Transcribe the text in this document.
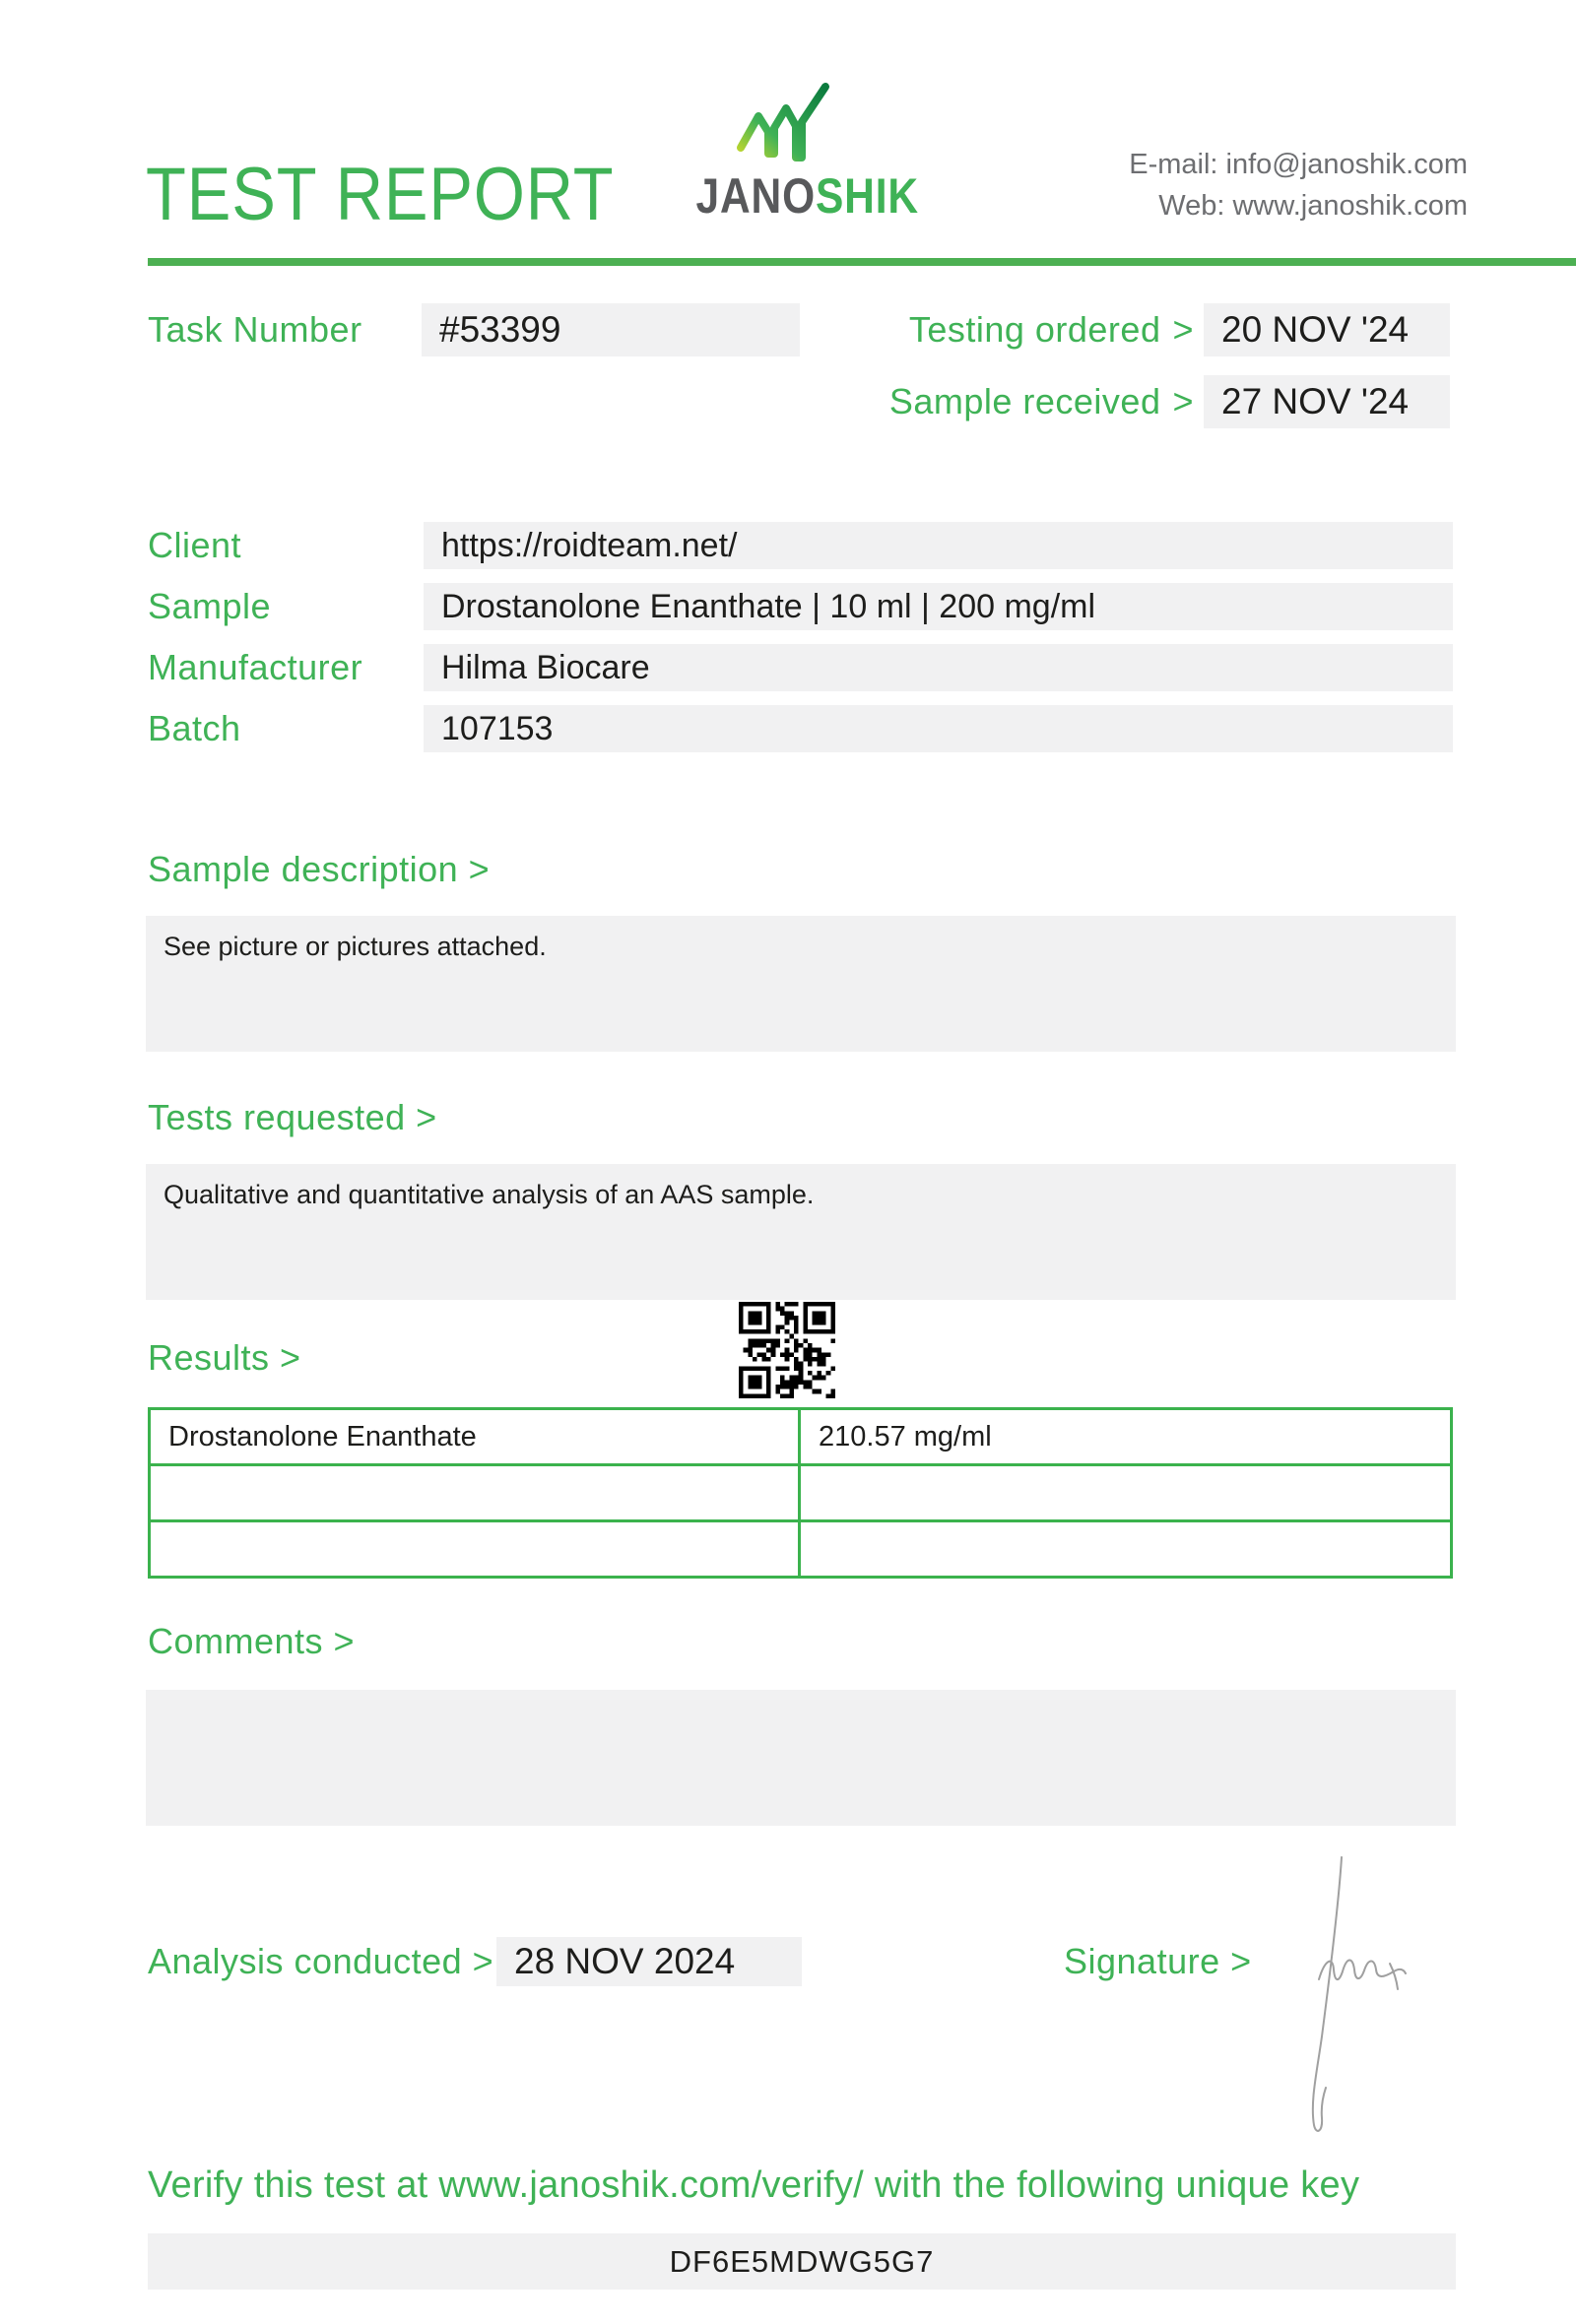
TEST REPORT JANOSHIK
E-mail: info@janoshik.com
Web: www.janoshik.com
Task Number	#53399	Testing ordered > 20 NOV '24
Sample received > 27 NOV '24
Client	https://roidteam.net/
Sample	Drostanolone Enanthate | 10 ml | 200 mg/ml
Manufacturer	Hilma Biocare
Batch	107153
Sample description >
See picture or pictures attached.
Tests requested >
Qualitative and quantitative analysis of an AAS sample.
Results >
Drostanolone Enanthate	210.57 mg/ml
Comments >
Analysis conducted > 28 NOV 2024	Signature >
Verify this test at www.janoshik.com/verify/ with the following unique key
DF6E5MDWG5G7
